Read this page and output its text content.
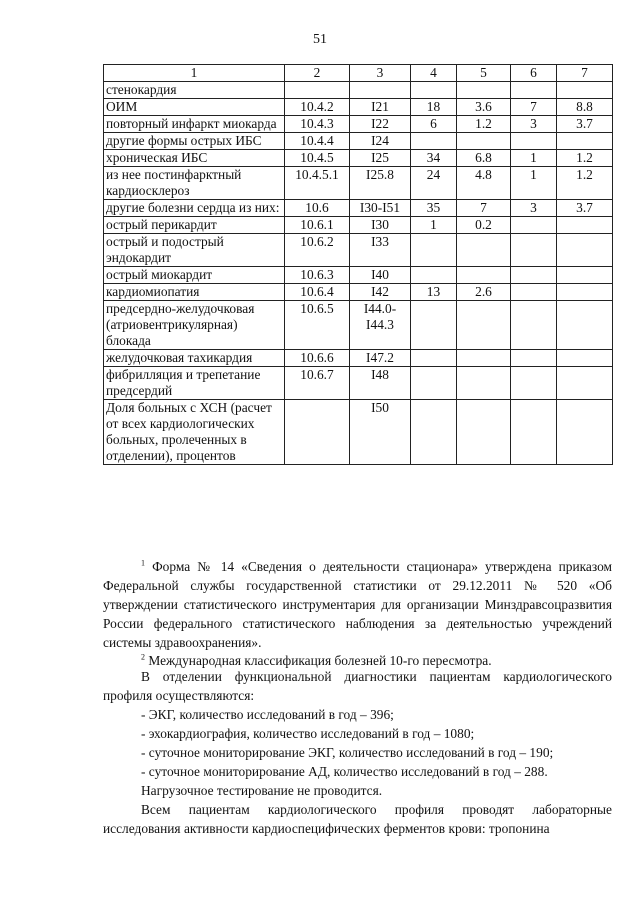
51
1	2	3	4	5	6	7
стенокардия						
ОИМ	10.4.2	I21	18	3.6	7	8.8
повторный инфаркт миокарда	10.4.3	I22	6	1.2	3	3.7
другие формы острых ИБС	10.4.4	I24				
хроническая ИБС	10.4.5	I25	34	6.8	1	1.2
из нее постинфарктный кардиосклероз	10.4.5.1	I25.8	24	4.8	1	1.2
другие болезни сердца из них:	10.6	I30-I51	35	7	3	3.7
острый перикардит	10.6.1	I30	1	0.2		
острый и подострый эндокардит	10.6.2	I33				
острый миокардит	10.6.3	I40				
кардиомиопатия	10.6.4	I42	13	2.6		
предсердно-желудочковая (атриовентрикулярная) блокада	10.6.5	I44.0-I44.3				
желудочковая тахикардия	10.6.6	I47.2				
фибрилляция и трепетание предсердий	10.6.7	I48				
Доля больных с ХСН (расчет от всех кардиологических больных, пролеченных в отделении), процентов		I50				
$^1$ Форма № 14 «Сведения о деятельности стационара» утверждена приказом Федеральной службы государственной статистики от 29.12.2011 № 520 «Об утверждении статистического инструментария для организации Минздравсоцразвития России федерального статистического наблюдения за деятельностью учреждений системы здравоохранения».
$^2$ Международная классификация болезней 10-го пересмотра.
В отделении функциональной диагностики пациентам кардиологического профиля осуществляются:
- ЭКГ, количество исследований в год – 396;
- эхокардиография, количество исследований в год – 1080;
- суточное мониторирование ЭКГ, количество исследований в год – 190;
- суточное мониторирование АД, количество исследований в год – 288.
Нагрузочное тестирование не проводится.
Всем пациентам кардиологического профиля проводят лабораторные исследования активности кардиоспецифических ферментов крови: тропонина
